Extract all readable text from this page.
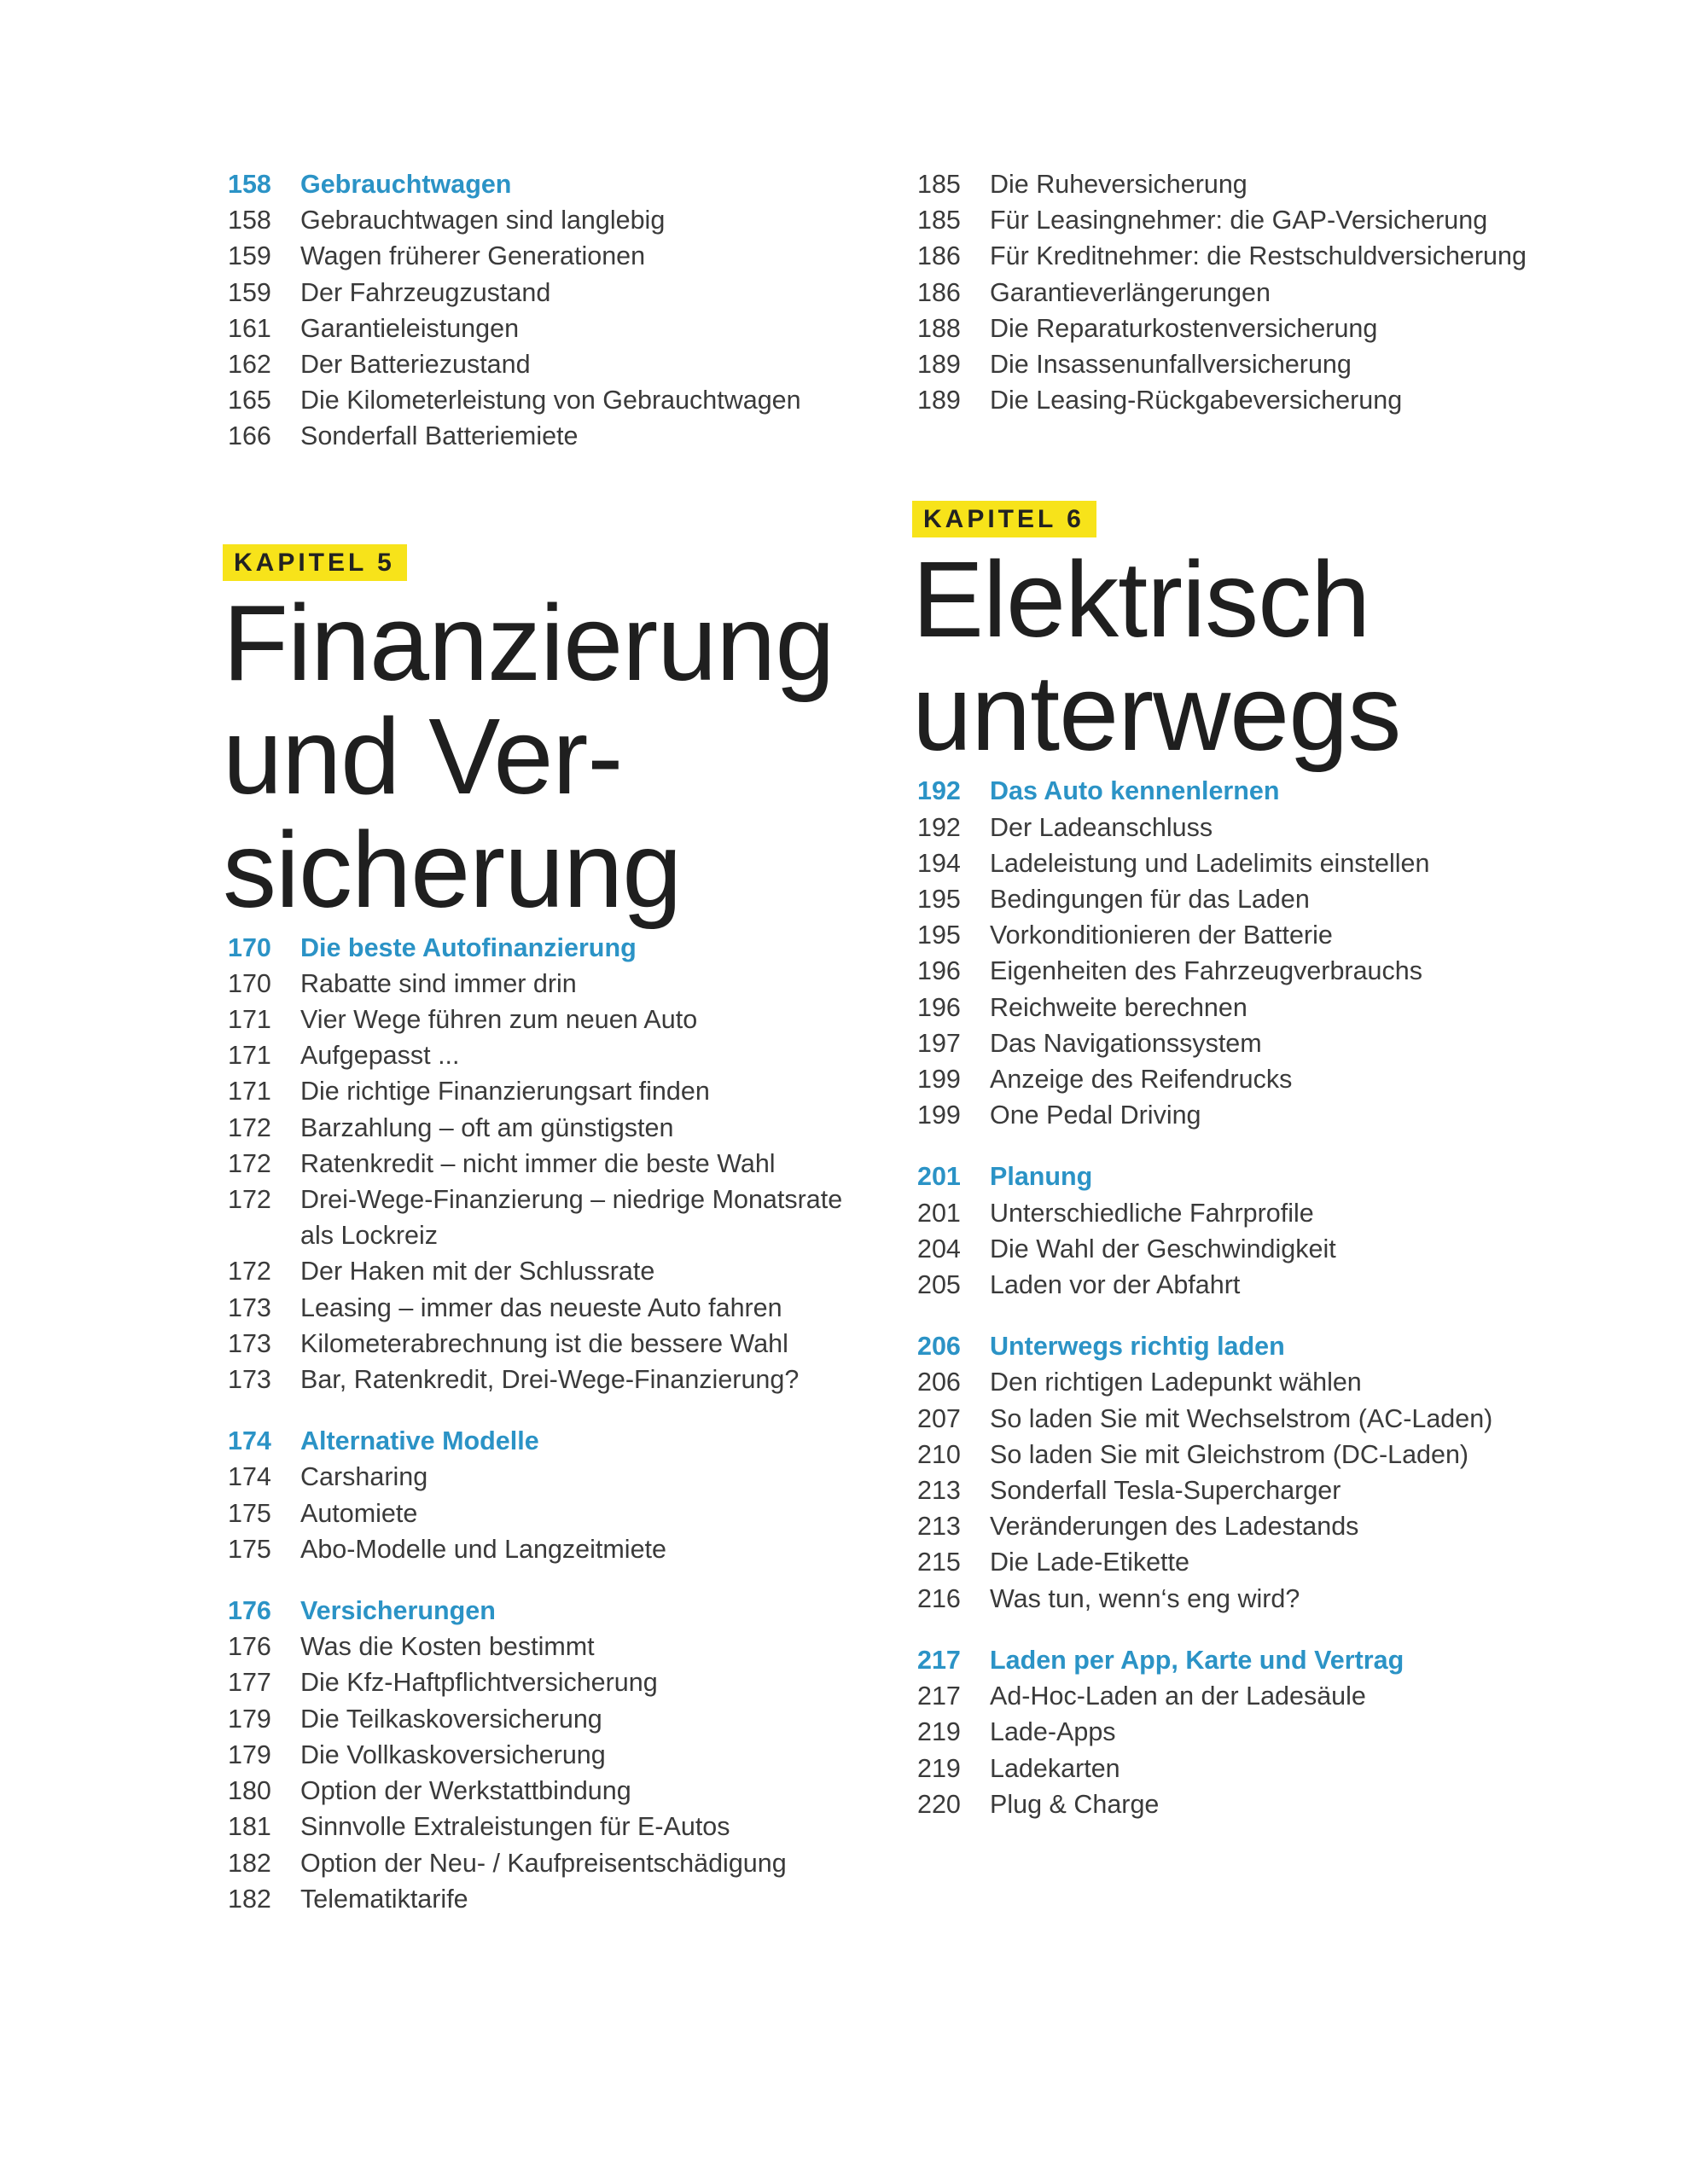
158	Gebrauchtwagen
158	Gebrauchtwagen sind langlebig
159	Wagen früherer Generationen
159	Der Fahrzeugzustand
161	Garantieleistungen
162	Der Batteriezustand
165	Die Kilometerleistung von Gebrauchtwagen
166	Sonderfall Batteriemiete
KAPITEL 5
Finanzierung
und Ver-
sicherung
170	Die beste Autofinanzierung
170	Rabatte sind immer drin
171	Vier Wege führen zum neuen Auto
171	Aufgepasst ...
171	Die richtige Finanzierungsart finden
172	Barzahlung – oft am günstigsten
172	Ratenkredit – nicht immer die beste Wahl
172	Drei-Wege-Finanzierung – niedrige Monatsrate
als Lockreiz
172	Der Haken mit der Schlussrate
173	Leasing – immer das neueste Auto fahren
173	Kilometerabrechnung ist die bessere Wahl
173	Bar, Ratenkredit, Drei-Wege-Finanzierung?
174	Alternative Modelle
174	Carsharing
175	Automiete
175	Abo-Modelle und Langzeitmiete
176	Versicherungen
176	Was die Kosten bestimmt
177	Die Kfz-Haftpflichtversicherung
179	Die Teilkaskoversicherung
179	Die Vollkaskoversicherung
180	Option der Werkstattbindung
181	Sinnvolle Extraleistungen für E-Autos
182	Option der Neu- / Kaufpreisentschädigung
182	Telematiktarife
185	Die Ruheversicherung
185	Für Leasingnehmer: die GAP-Versicherung
186	Für Kreditnehmer: die Restschuldversicherung
186	Garantieverlängerungen
188	Die Reparaturkostenversicherung
189	Die Insassenunfallversicherung
189	Die Leasing-Rückgabeversicherung
KAPITEL 6
Elektrisch
unterwegs
192	Das Auto kennenlernen
192	Der Ladeanschluss
194	Ladeleistung und Ladelimits einstellen
195	Bedingungen für das Laden
195	Vorkonditionieren der Batterie
196	Eigenheiten des Fahrzeugverbrauchs
196	Reichweite berechnen
197	Das Navigationssystem
199	Anzeige des Reifendrucks
199	One Pedal Driving
201	Planung
201	Unterschiedliche Fahrprofile
204	Die Wahl der Geschwindigkeit
205	Laden vor der Abfahrt
206	Unterwegs richtig laden
206	Den richtigen Ladepunkt wählen
207	So laden Sie mit Wechselstrom (AC-Laden)
210	So laden Sie mit Gleichstrom (DC-Laden)
213	Sonderfall Tesla-Supercharger
213	Veränderungen des Ladestands
215	Die Lade-Etikette
216	Was tun, wenn‘s eng wird?
217	Laden per App, Karte und Vertrag
217	Ad-Hoc-Laden an der Ladesäule
219	Lade-Apps
219	Ladekarten
220	Plug & Charge
